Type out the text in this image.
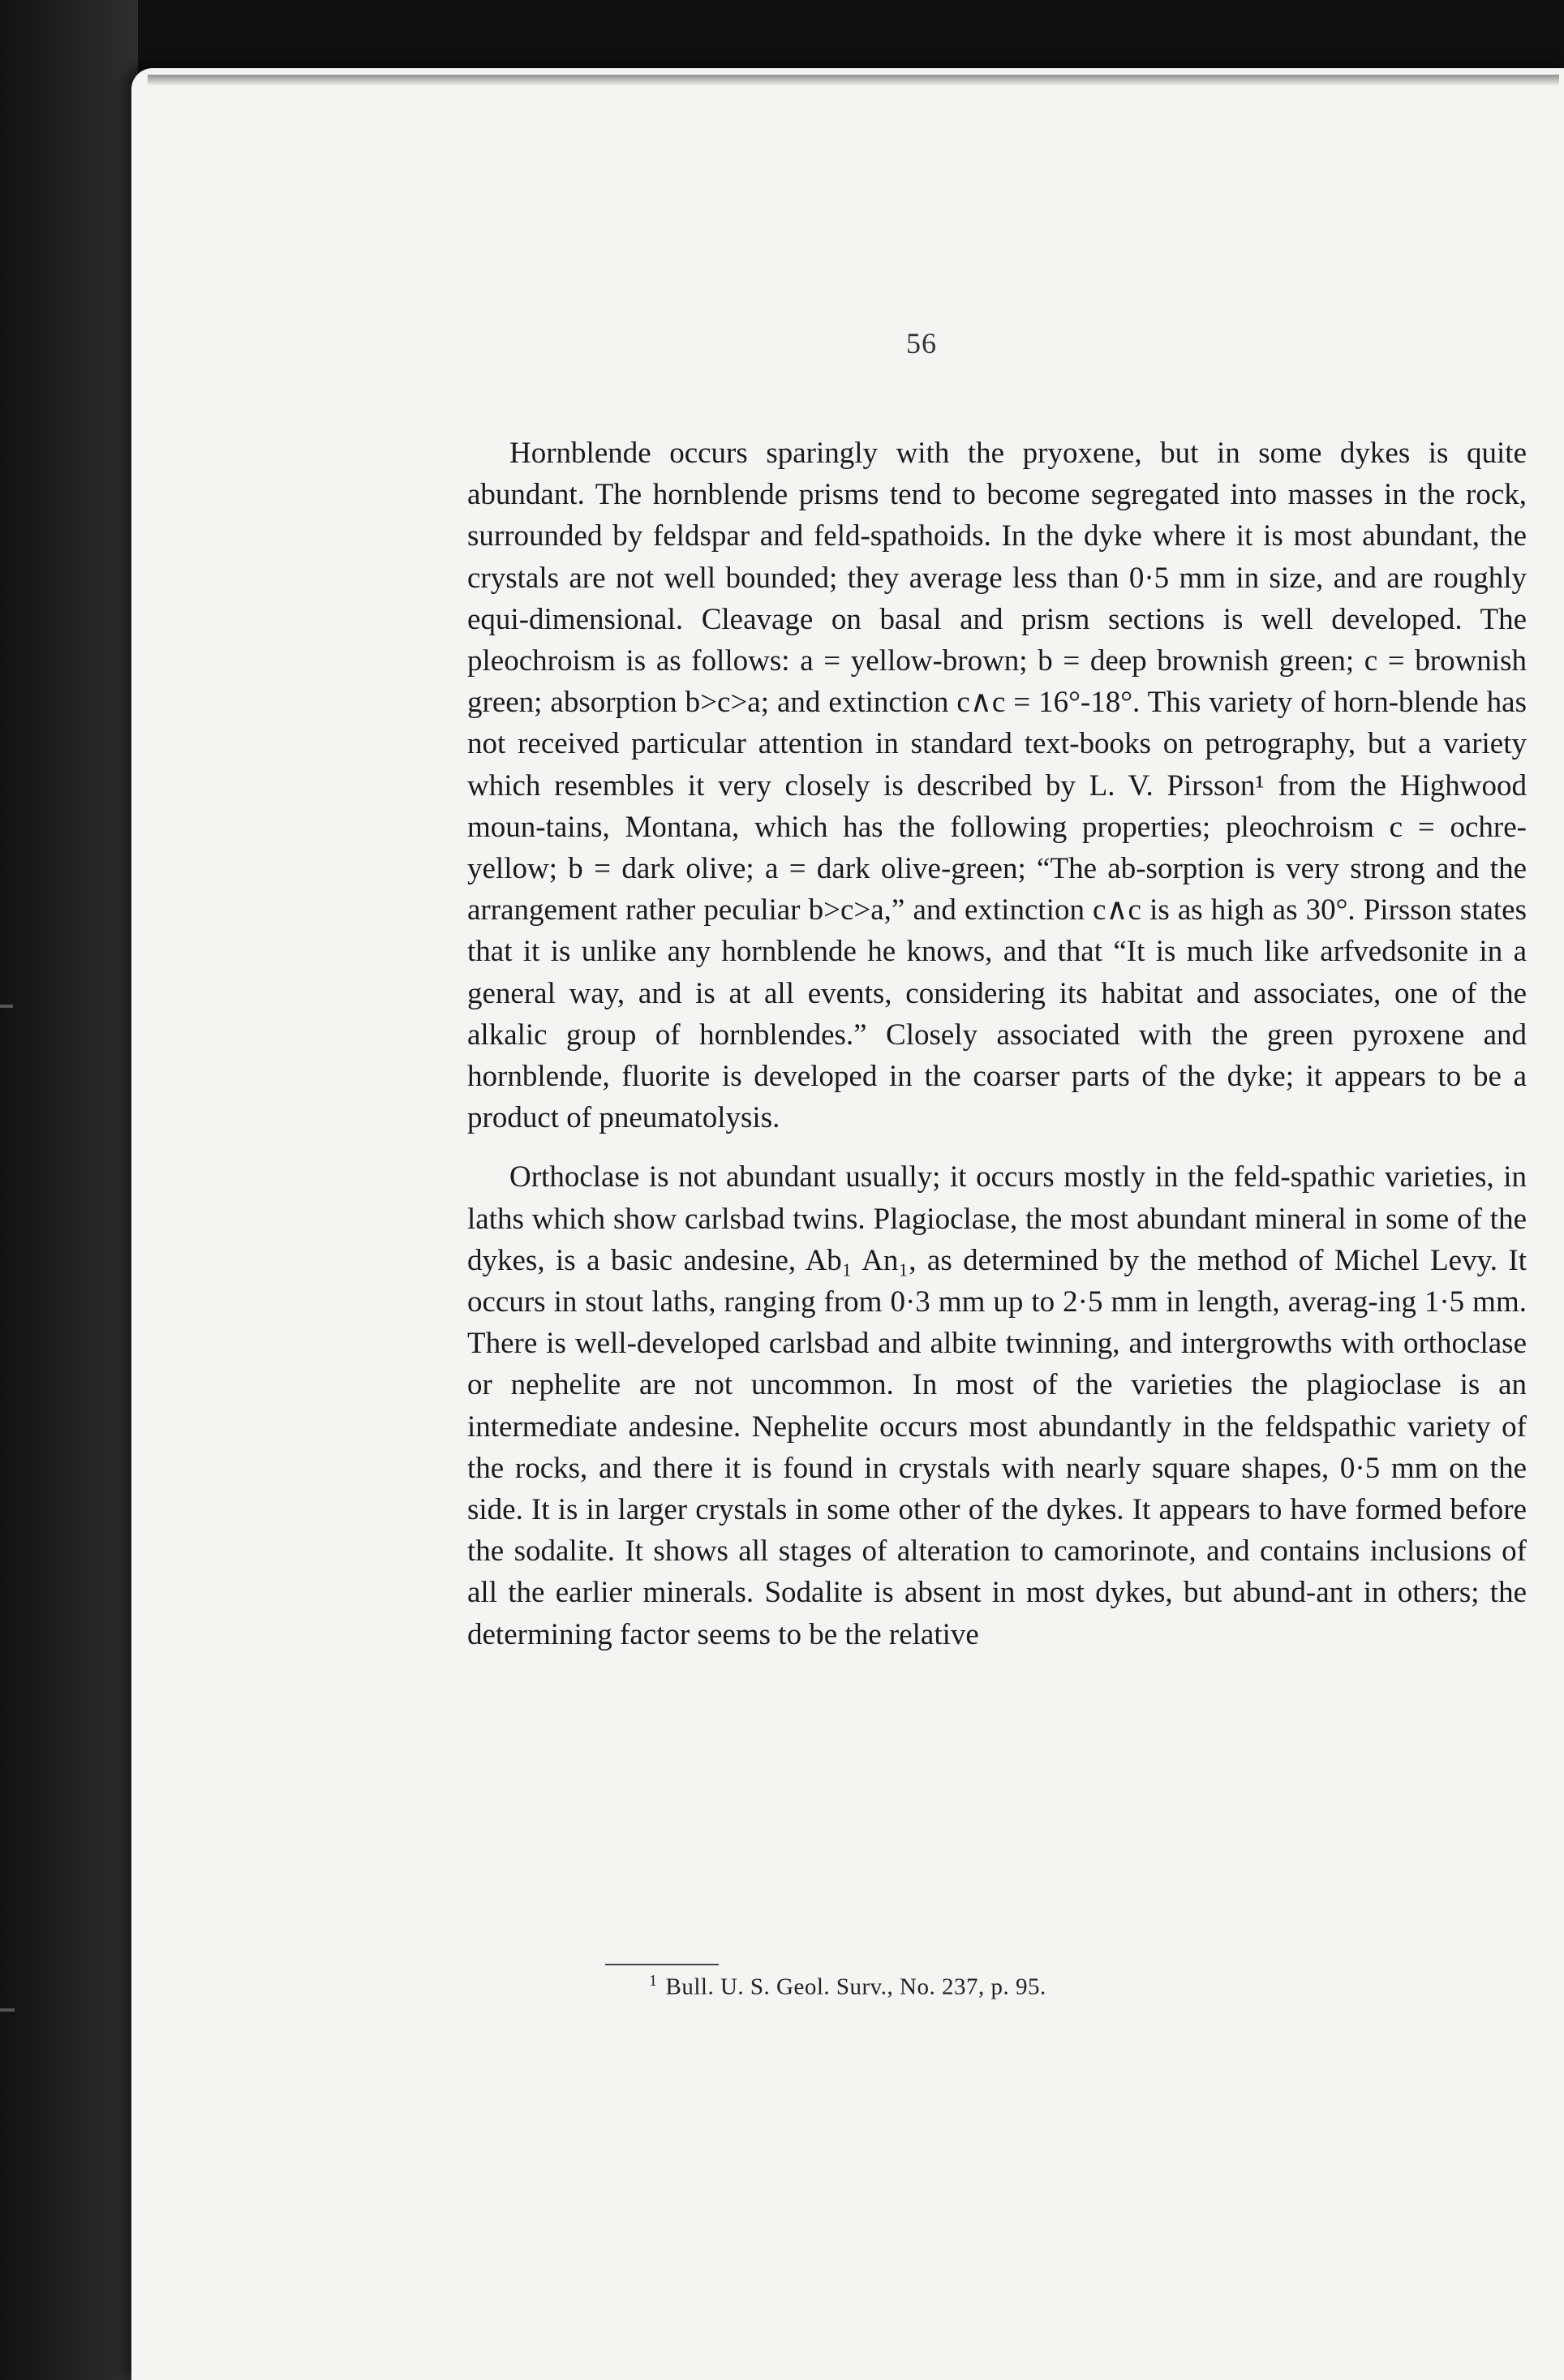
56

Hornblende occurs sparingly with the pryoxene, but in some dykes is quite abundant. The hornblende prisms tend to become segregated into masses in the rock, surrounded by feldspar and feld-spathoids. In the dyke where it is most abundant, the crystals are not well bounded; they average less than 0·5 mm in size, and are roughly equi-dimensional. Cleavage on basal and prism sections is well developed. The pleochroism is as follows: a = yellow-brown; b = deep brownish green; c = brownish green; absorption b>c>a; and extinction c∧c = 16°-18°. This variety of horn-blende has not received particular attention in standard text-books on petrography, but a variety which resembles it very closely is described by L. V. Pirsson¹ from the Highwood moun-tains, Montana, which has the following properties; pleochroism c = ochre-yellow; b = dark olive; a = dark olive-green; “The ab-sorption is very strong and the arrangement rather peculiar b>c>a,” and extinction c∧c is as high as 30°. Pirsson states that it is unlike any hornblende he knows, and that “It is much like arfvedsonite in a general way, and is at all events, considering its habitat and associates, one of the alkalic group of hornblendes.” Closely associated with the green pyroxene and hornblende, fluorite is developed in the coarser parts of the dyke; it appears to be a product of pneumatolysis.

Orthoclase is not abundant usually; it occurs mostly in the feld-spathic varieties, in laths which show carlsbad twins. Plagioclase, the most abundant mineral in some of the dykes, is a basic andesine, Ab₁ An₁, as determined by the method of Michel Levy. It occurs in stout laths, ranging from 0·3 mm up to 2·5 mm in length, averag-ing 1·5 mm. There is well-developed carlsbad and albite twinning, and intergrowths with orthoclase or nephelite are not uncommon. In most of the varieties the plagioclase is an intermediate andesine. Nephelite occurs most abundantly in the feldspathic variety of the rocks, and there it is found in crystals with nearly square shapes, 0·5 mm on the side. It is in larger crystals in some other of the dykes. It appears to have formed before the sodalite. It shows all stages of alteration to camorinote, and contains inclusions of all the earlier minerals. Sodalite is absent in most dykes, but abund-ant in others; the determining factor seems to be the relative

$^1$ Bull. U. S. Geol. Surv., No. 237, p. 95.
